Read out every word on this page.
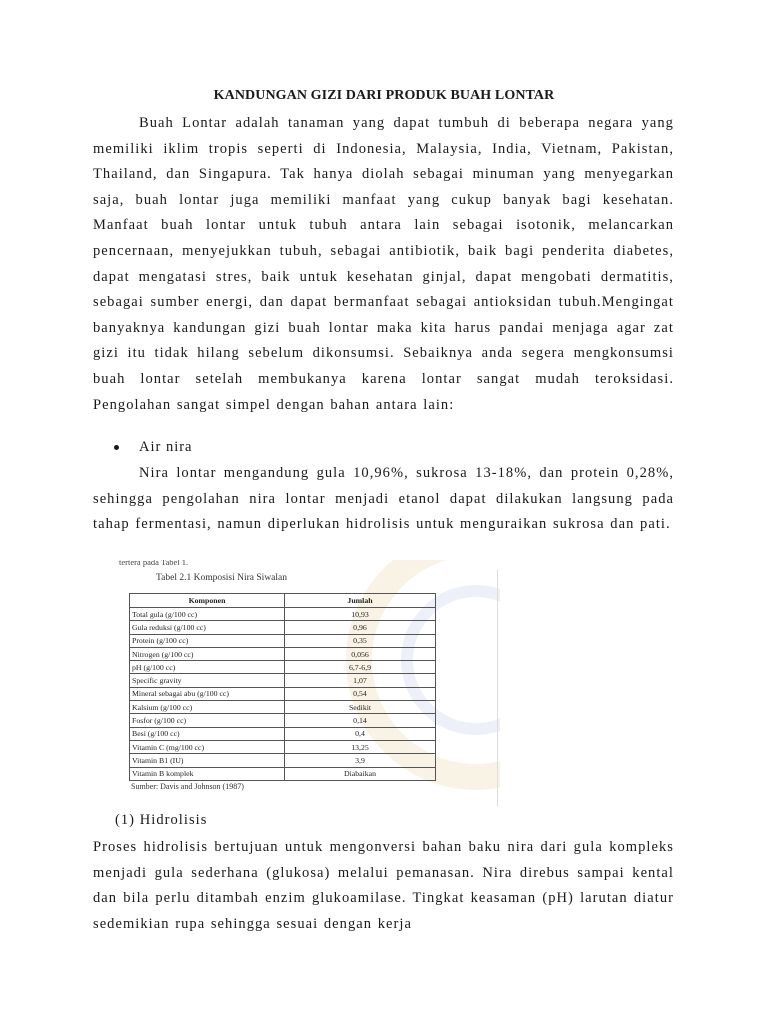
KANDUNGAN GIZI DARI PRODUK BUAH LONTAR

Buah Lontar adalah tanaman yang dapat tumbuh di beberapa negara yang memiliki iklim tropis seperti di Indonesia, Malaysia, India, Vietnam, Pakistan, Thailand, dan Singapura. Tak hanya diolah sebagai minuman yang menyegarkan saja, buah lontar juga memiliki manfaat yang cukup banyak bagi kesehatan. Manfaat buah lontar untuk tubuh antara lain sebagai isotonik, melancarkan pencernaan, menyejukkan tubuh, sebagai antibiotik, baik bagi penderita diabetes, dapat mengatasi stres, baik untuk kesehatan ginjal, dapat mengobati dermatitis, sebagai sumber energi, dan dapat bermanfaat sebagai antioksidan tubuh.Mengingat banyaknya kandungan gizi buah lontar maka kita harus pandai menjaga agar zat gizi itu tidak hilang sebelum dikonsumsi. Sebaiknya anda segera mengkonsumsi buah lontar setelah membukanya karena lontar sangat mudah teroksidasi. Pengolahan sangat simpel dengan bahan antara lain:

Air nira

Nira lontar mengandung gula 10,96%, sukrosa 13-18%, dan protein 0,28%, sehingga pengolahan nira lontar menjadi etanol dapat dilakukan langsung pada tahap fermentasi, namun diperlukan hidrolisis untuk menguraikan sukrosa dan pati.

tertera pada Tabel 1.
Tabel 2.1 Komposisi Nira Siwalan
Komponen	Jumlah
Total gula (g/100 cc)	10,93
Gula reduksi (g/100 cc)	0,96
Protein (g/100 cc)	0,35
Nitrogen (g/100 cc)	0,056
pH (g/100 cc)	6,7-6,9
Specific gravity	1,07
Mineral sebagai abu (g/100 cc)	0,54
Kalsium (g/100 cc)	Sedikit
Fosfor (g/100 cc)	0,14
Besi (g/100 cc)	0,4
Vitamin C (mg/100 cc)	13,25
Vitamin B1 (IU)	3,9
Vitamin B komplek	Diabaikan
Sumber: Davis and Johnson (1987)
(1) Hidrolisis

Proses hidrolisis bertujuan untuk mengonversi bahan baku nira dari gula kompleks menjadi gula sederhana (glukosa) melalui pemanasan. Nira direbus sampai kental dan bila perlu ditambah enzim glukoamilase. Tingkat keasaman (pH) larutan diatur sedemikian rupa sehingga sesuai dengan kerja
